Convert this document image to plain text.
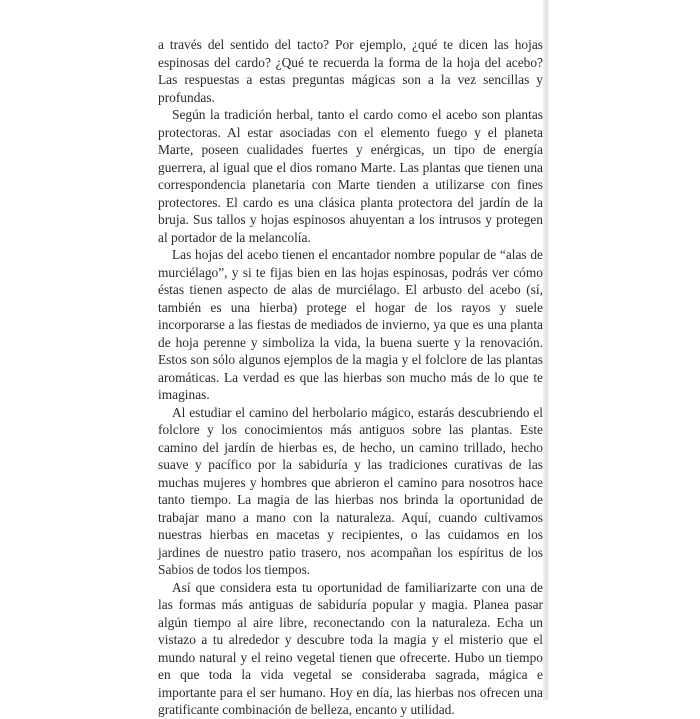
a través del sentido del tacto? Por ejemplo, ¿qué te dicen las hojas espinosas del cardo? ¿Qué te recuerda la forma de la hoja del acebo? Las respuestas a estas preguntas mágicas son a la vez sencillas y profundas.

Según la tradición herbal, tanto el cardo como el acebo son plantas protectoras. Al estar asociadas con el elemento fuego y el planeta Marte, poseen cualidades fuertes y enérgicas, un tipo de energía guerrera, al igual que el dios romano Marte. Las plantas que tienen una correspondencia planetaria con Marte tienden a utilizarse con fines protectores. El cardo es una clásica planta protectora del jardín de la bruja. Sus tallos y hojas espinosos ahuyentan a los intrusos y protegen al portador de la melancolía.

Las hojas del acebo tienen el encantador nombre popular de “alas de murciélago”, y si te fijas bien en las hojas espinosas, podrás ver cómo éstas tienen aspecto de alas de murciélago. El arbusto del acebo (sí, también es una hierba) protege el hogar de los rayos y suele incorporarse a las fiestas de mediados de invierno, ya que es una planta de hoja perenne y simboliza la vida, la buena suerte y la renovación. Estos son sólo algunos ejemplos de la magia y el folclore de las plantas aromáticas. La verdad es que las hierbas son mucho más de lo que te imaginas.

Al estudiar el camino del herbolario mágico, estarás descubriendo el folclore y los conocimientos más antiguos sobre las plantas. Este camino del jardín de hierbas es, de hecho, un camino trillado, hecho suave y pacífico por la sabiduría y las tradiciones curativas de las muchas mujeres y hombres que abrieron el camino para nosotros hace tanto tiempo. La magia de las hierbas nos brinda la oportunidad de trabajar mano a mano con la naturaleza. Aquí, cuando cultivamos nuestras hierbas en macetas y recipientes, o las cuidamos en los jardines de nuestro patio trasero, nos acompañan los espíritus de los Sabios de todos los tiempos.

Así que considera esta tu oportunidad de familiarizarte con una de las formas más antiguas de sabiduría popular y magia. Planea pasar algún tiempo al aire libre, reconectando con la naturaleza. Echa un vistazo a tu alrededor y descubre toda la magia y el misterio que el mundo natural y el reino vegetal tienen que ofrecerte. Hubo un tiempo en que toda la vida vegetal se consideraba sagrada, mágica e importante para el ser humano. Hoy en día, las hierbas nos ofrecen una gratificante combinación de belleza, encanto y utilidad.
